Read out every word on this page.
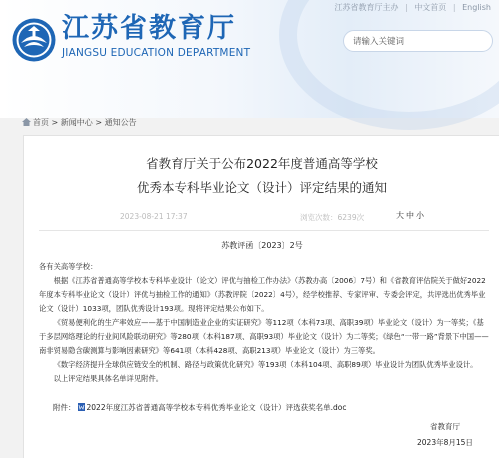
江苏省教育厅
JIANGSU EDUCATION DEPARTMENT
江苏省教育厅主办 | 中文首页 | English
请输入关键词
首页 > 新闻中心 > 通知公告
省教育厅关于公布2022年度普通高等学校
优秀本专科毕业论文（设计）评定结果的通知
2023-08-21 17:37	浏览次数：6239次	大 中 小
苏教评函〔2023〕2号

各有关高等学校：

根据《江苏省普通高等学校本专科毕业设计（论文）评优与抽检工作办法》（苏教办高〔2006〕7号）和《省教育评估院关于做好2022年度本专科毕业论文（设计）评优与抽检工作的通知》（苏教评院〔2022〕4号），经学校推荐、专家评审、专委会评定，共评选出优秀毕业论文（设计）1033项，团队优秀设计193项。现将评定结果公布如下。

《贸易便利化的生产率效应——基于中国制造业企业的实证研究》等112项（本科73项、高职39项）毕业论文（设计）为一等奖；《基于多层网络理论的行业间风险联动研究》等280项（本科187项、高职93项）毕业论文（设计）为二等奖；《绿色“一带一路”背景下中国——南非贸易隐含碳测算与影响因素研究》等641项（本科428项、高职213项）毕业论文（设计）为三等奖。

《数字经济提升全球供应链安全的机制、路径与政策优化研究》等193项（本科104项、高职89项）毕业设计为团队优秀毕业设计。

以上评定结果具体名单详见附件。

附件： 2022年度江苏省普通高等学校本专科优秀毕业论文（设计）评选获奖名单.doc
省教育厅
2023年8月15日
